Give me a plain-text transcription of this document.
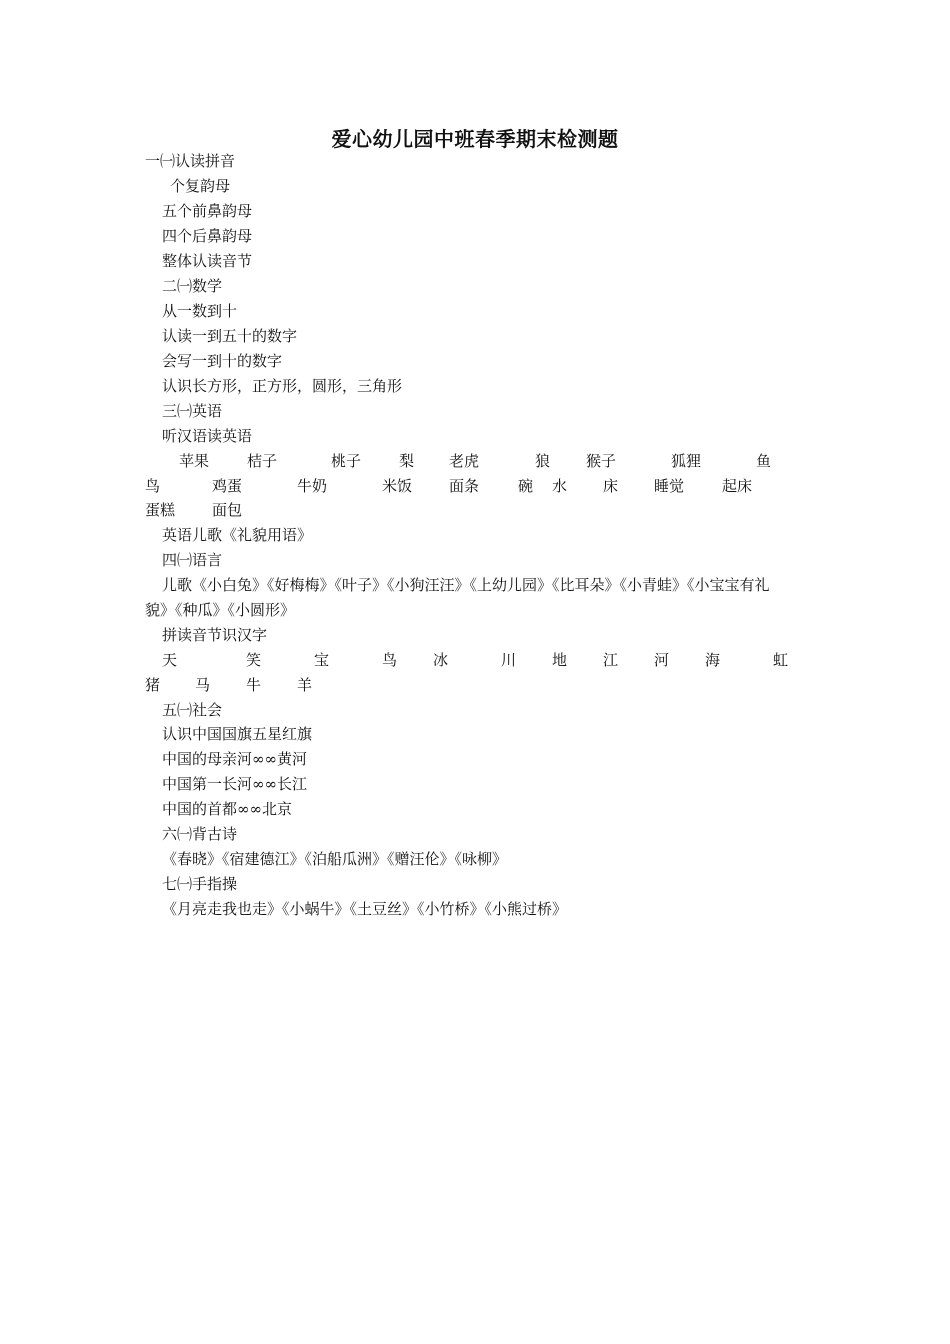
爱心幼儿园中班春季期末检测题
一㈠认读拼音
个复韵母
五个前鼻韵母
四个后鼻韵母
整体认读音节
二㈠数学
从一数到十
认读一到五十的数字
会写一到十的数字
认识长方形，正方形，圆形，三角形
三㈠英语
听汉语读英语
苹果	桔子	桃子	梨 老虎	狼 猴子	狐狸	鱼
鸟	鸡蛋	牛奶	米饭 面条	碗 水 床 睡觉	起床
蛋糕 面包
英语儿歌《礼貌用语》
四㈠语言
儿歌《小白兔》《好梅梅》《叶子》《小狗汪汪》《上幼儿园》《比耳朵》《小青蛙》《小宝宝有礼
貌》《种瓜》《小圆形》
拼读音节识汉字
天	笑	宝	鸟 冰	川 地 江 河 海	虹
猪 马 牛 羊
五㈠社会
认识中国国旗五星红旗
中国的母亲河∞∞黄河
中国第一长河∞∞长江
中国的首都∞∞北京
六㈠背古诗
《春晓》《宿建德江》《泊船瓜洲》《赠汪伦》《咏柳》
七㈠手指操
《月亮走我也走》《小蜗牛》《土豆丝》《小竹桥》《小熊过桥》
